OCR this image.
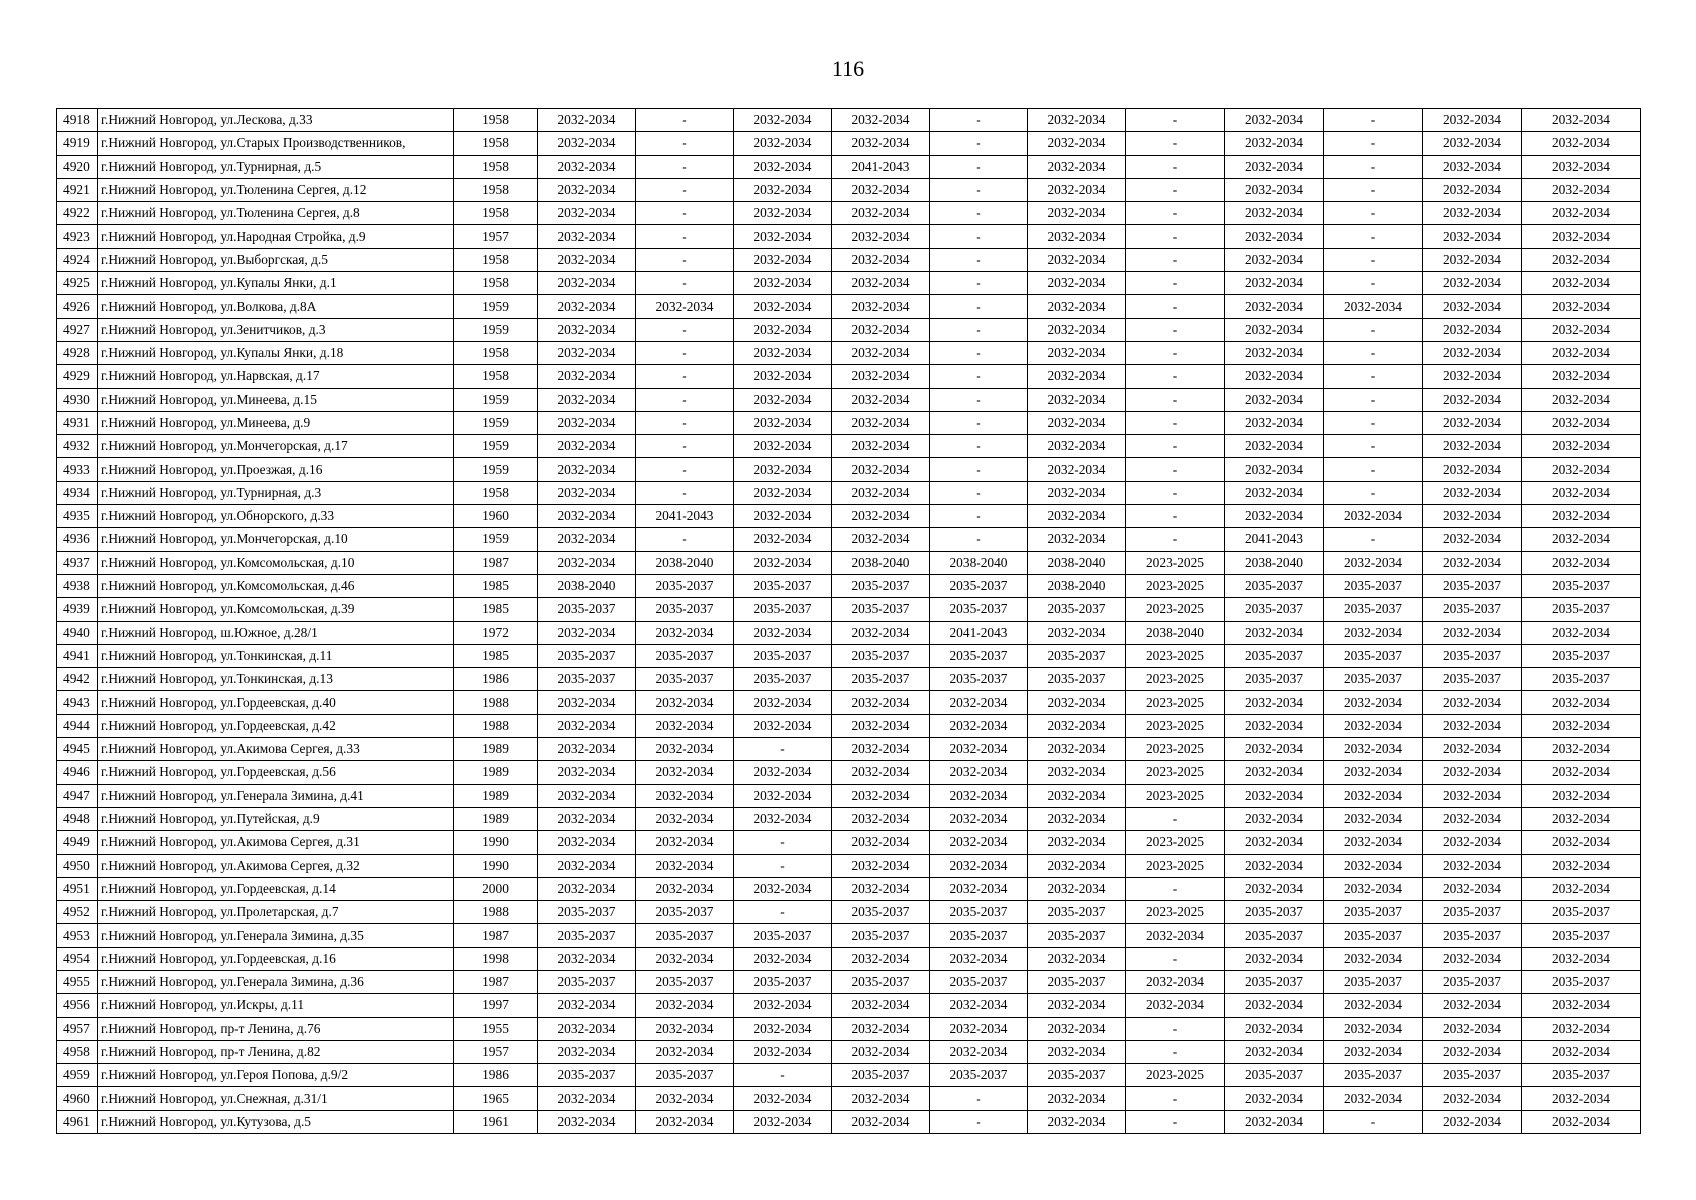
116
4918	г.Нижний Новгород, ул.Лескова, д.33	1958	2032-2034	-	2032-2034	2032-2034	-	2032-2034	-	2032-2034	-	2032-2034	2032-2034
4919	г.Нижний Новгород, ул.Старых Производственников,	1958	2032-2034	-	2032-2034	2032-2034	-	2032-2034	-	2032-2034	-	2032-2034	2032-2034
4920	г.Нижний Новгород, ул.Турнирная, д.5	1958	2032-2034	-	2032-2034	2041-2043	-	2032-2034	-	2032-2034	-	2032-2034	2032-2034
4921	г.Нижний Новгород, ул.Тюленина Сергея, д.12	1958	2032-2034	-	2032-2034	2032-2034	-	2032-2034	-	2032-2034	-	2032-2034	2032-2034
4922	г.Нижний Новгород, ул.Тюленина Сергея, д.8	1958	2032-2034	-	2032-2034	2032-2034	-	2032-2034	-	2032-2034	-	2032-2034	2032-2034
4923	г.Нижний Новгород, ул.Народная Стройка, д.9	1957	2032-2034	-	2032-2034	2032-2034	-	2032-2034	-	2032-2034	-	2032-2034	2032-2034
4924	г.Нижний Новгород, ул.Выборгская, д.5	1958	2032-2034	-	2032-2034	2032-2034	-	2032-2034	-	2032-2034	-	2032-2034	2032-2034
4925	г.Нижний Новгород, ул.Купалы Янки, д.1	1958	2032-2034	-	2032-2034	2032-2034	-	2032-2034	-	2032-2034	-	2032-2034	2032-2034
4926	г.Нижний Новгород, ул.Волкова, д.8А	1959	2032-2034	2032-2034	2032-2034	2032-2034	-	2032-2034	-	2032-2034	2032-2034	2032-2034	2032-2034
4927	г.Нижний Новгород, ул.Зенитчиков, д.3	1959	2032-2034	-	2032-2034	2032-2034	-	2032-2034	-	2032-2034	-	2032-2034	2032-2034
4928	г.Нижний Новгород, ул.Купалы Янки, д.18	1958	2032-2034	-	2032-2034	2032-2034	-	2032-2034	-	2032-2034	-	2032-2034	2032-2034
4929	г.Нижний Новгород, ул.Нарвская, д.17	1958	2032-2034	-	2032-2034	2032-2034	-	2032-2034	-	2032-2034	-	2032-2034	2032-2034
4930	г.Нижний Новгород, ул.Минеева, д.15	1959	2032-2034	-	2032-2034	2032-2034	-	2032-2034	-	2032-2034	-	2032-2034	2032-2034
4931	г.Нижний Новгород, ул.Минеева, д.9	1959	2032-2034	-	2032-2034	2032-2034	-	2032-2034	-	2032-2034	-	2032-2034	2032-2034
4932	г.Нижний Новгород, ул.Мончегорская, д.17	1959	2032-2034	-	2032-2034	2032-2034	-	2032-2034	-	2032-2034	-	2032-2034	2032-2034
4933	г.Нижний Новгород, ул.Проезжая, д.16	1959	2032-2034	-	2032-2034	2032-2034	-	2032-2034	-	2032-2034	-	2032-2034	2032-2034
4934	г.Нижний Новгород, ул.Турнирная, д.3	1958	2032-2034	-	2032-2034	2032-2034	-	2032-2034	-	2032-2034	-	2032-2034	2032-2034
4935	г.Нижний Новгород, ул.Обнорского, д.33	1960	2032-2034	2041-2043	2032-2034	2032-2034	-	2032-2034	-	2032-2034	2032-2034	2032-2034	2032-2034
4936	г.Нижний Новгород, ул.Мончегорская, д.10	1959	2032-2034	-	2032-2034	2032-2034	-	2032-2034	-	2041-2043	-	2032-2034	2032-2034
4937	г.Нижний Новгород, ул.Комсомольская, д.10	1987	2032-2034	2038-2040	2032-2034	2038-2040	2038-2040	2038-2040	2023-2025	2038-2040	2032-2034	2032-2034	2032-2034
4938	г.Нижний Новгород, ул.Комсомольская, д.46	1985	2038-2040	2035-2037	2035-2037	2035-2037	2035-2037	2038-2040	2023-2025	2035-2037	2035-2037	2035-2037	2035-2037
4939	г.Нижний Новгород, ул.Комсомольская, д.39	1985	2035-2037	2035-2037	2035-2037	2035-2037	2035-2037	2035-2037	2023-2025	2035-2037	2035-2037	2035-2037	2035-2037
4940	г.Нижний Новгород, ш.Южное, д.28/1	1972	2032-2034	2032-2034	2032-2034	2032-2034	2041-2043	2032-2034	2038-2040	2032-2034	2032-2034	2032-2034	2032-2034
4941	г.Нижний Новгород, ул.Тонкинская, д.11	1985	2035-2037	2035-2037	2035-2037	2035-2037	2035-2037	2035-2037	2023-2025	2035-2037	2035-2037	2035-2037	2035-2037
4942	г.Нижний Новгород, ул.Тонкинская, д.13	1986	2035-2037	2035-2037	2035-2037	2035-2037	2035-2037	2035-2037	2023-2025	2035-2037	2035-2037	2035-2037	2035-2037
4943	г.Нижний Новгород, ул.Гордеевская, д.40	1988	2032-2034	2032-2034	2032-2034	2032-2034	2032-2034	2032-2034	2023-2025	2032-2034	2032-2034	2032-2034	2032-2034
4944	г.Нижний Новгород, ул.Гордеевская, д.42	1988	2032-2034	2032-2034	2032-2034	2032-2034	2032-2034	2032-2034	2023-2025	2032-2034	2032-2034	2032-2034	2032-2034
4945	г.Нижний Новгород, ул.Акимова Сергея, д.33	1989	2032-2034	2032-2034	-	2032-2034	2032-2034	2032-2034	2023-2025	2032-2034	2032-2034	2032-2034	2032-2034
4946	г.Нижний Новгород, ул.Гордеевская, д.56	1989	2032-2034	2032-2034	2032-2034	2032-2034	2032-2034	2032-2034	2023-2025	2032-2034	2032-2034	2032-2034	2032-2034
4947	г.Нижний Новгород, ул.Генерала Зимина, д.41	1989	2032-2034	2032-2034	2032-2034	2032-2034	2032-2034	2032-2034	2023-2025	2032-2034	2032-2034	2032-2034	2032-2034
4948	г.Нижний Новгород, ул.Путейская, д.9	1989	2032-2034	2032-2034	2032-2034	2032-2034	2032-2034	2032-2034	-	2032-2034	2032-2034	2032-2034	2032-2034
4949	г.Нижний Новгород, ул.Акимова Сергея, д.31	1990	2032-2034	2032-2034	-	2032-2034	2032-2034	2032-2034	2023-2025	2032-2034	2032-2034	2032-2034	2032-2034
4950	г.Нижний Новгород, ул.Акимова Сергея, д.32	1990	2032-2034	2032-2034	-	2032-2034	2032-2034	2032-2034	2023-2025	2032-2034	2032-2034	2032-2034	2032-2034
4951	г.Нижний Новгород, ул.Гордеевская, д.14	2000	2032-2034	2032-2034	2032-2034	2032-2034	2032-2034	2032-2034	-	2032-2034	2032-2034	2032-2034	2032-2034
4952	г.Нижний Новгород, ул.Пролетарская, д.7	1988	2035-2037	2035-2037	-	2035-2037	2035-2037	2035-2037	2023-2025	2035-2037	2035-2037	2035-2037	2035-2037
4953	г.Нижний Новгород, ул.Генерала Зимина, д.35	1987	2035-2037	2035-2037	2035-2037	2035-2037	2035-2037	2035-2037	2032-2034	2035-2037	2035-2037	2035-2037	2035-2037
4954	г.Нижний Новгород, ул.Гордеевская, д.16	1998	2032-2034	2032-2034	2032-2034	2032-2034	2032-2034	2032-2034	-	2032-2034	2032-2034	2032-2034	2032-2034
4955	г.Нижний Новгород, ул.Генерала Зимина, д.36	1987	2035-2037	2035-2037	2035-2037	2035-2037	2035-2037	2035-2037	2032-2034	2035-2037	2035-2037	2035-2037	2035-2037
4956	г.Нижний Новгород, ул.Искры, д.11	1997	2032-2034	2032-2034	2032-2034	2032-2034	2032-2034	2032-2034	2032-2034	2032-2034	2032-2034	2032-2034	2032-2034
4957	г.Нижний Новгород, пр-т Ленина, д.76	1955	2032-2034	2032-2034	2032-2034	2032-2034	2032-2034	2032-2034	-	2032-2034	2032-2034	2032-2034	2032-2034
4958	г.Нижний Новгород, пр-т Ленина, д.82	1957	2032-2034	2032-2034	2032-2034	2032-2034	2032-2034	2032-2034	-	2032-2034	2032-2034	2032-2034	2032-2034
4959	г.Нижний Новгород, ул.Героя Попова, д.9/2	1986	2035-2037	2035-2037	-	2035-2037	2035-2037	2035-2037	2023-2025	2035-2037	2035-2037	2035-2037	2035-2037
4960	г.Нижний Новгород, ул.Снежная, д.31/1	1965	2032-2034	2032-2034	2032-2034	2032-2034	-	2032-2034	-	2032-2034	2032-2034	2032-2034	2032-2034
4961	г.Нижний Новгород, ул.Кутузова, д.5	1961	2032-2034	2032-2034	2032-2034	2032-2034	-	2032-2034	-	2032-2034	-	2032-2034	2032-2034
